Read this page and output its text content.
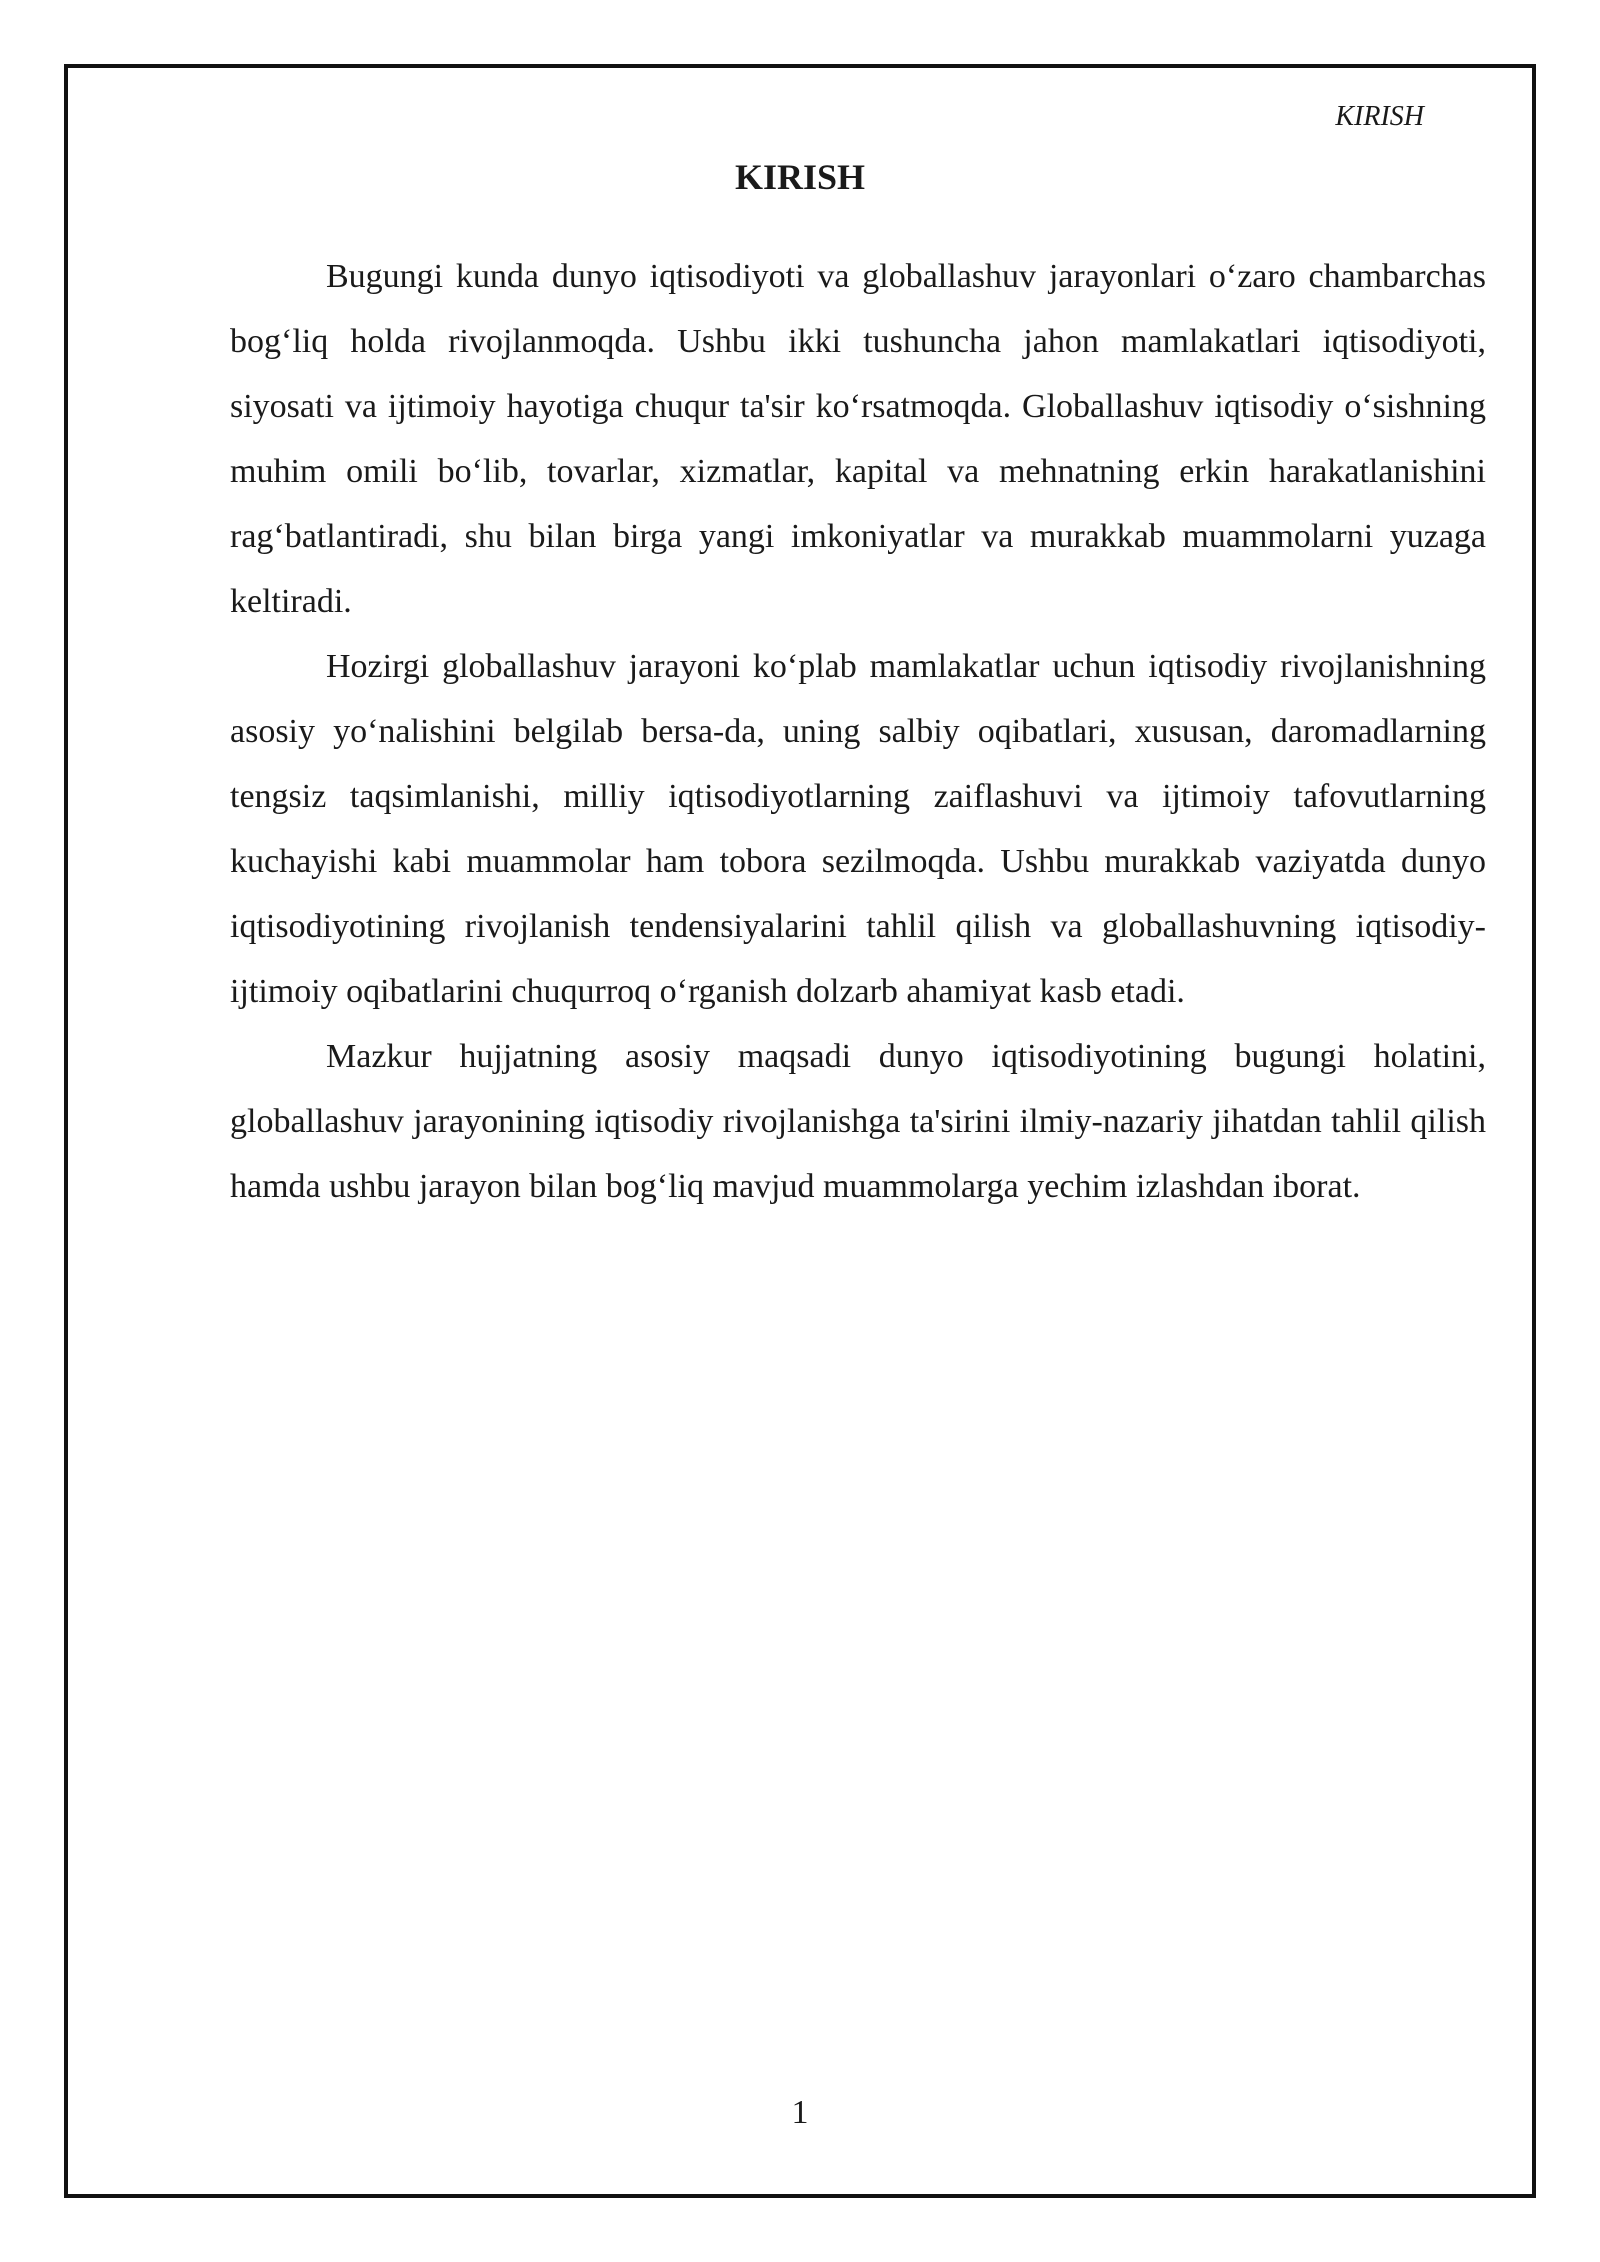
KIRISH

KIRISH

Bugungi kunda dunyo iqtisodiyoti va globallashuv jarayonlari o‘zaro chambarchas bog‘liq holda rivojlanmoqda. Ushbu ikki tushuncha jahon mamlakatlari iqtisodiyoti, siyosati va ijtimoiy hayotiga chuqur ta'sir ko‘rsatmoqda. Globallashuv iqtisodiy o‘sishning muhim omili bo‘lib, tovarlar, xizmatlar, kapital va mehnatning erkin harakatlanishini rag‘batlantiradi, shu bilan birga yangi imkoniyatlar va murakkab muammolarni yuzaga keltiradi.

Hozirgi globallashuv jarayoni ko‘plab mamlakatlar uchun iqtisodiy rivojlanishning asosiy yo‘nalishini belgilab bersa-da, uning salbiy oqibatlari, xususan, daromadlarning tengsiz taqsimlanishi, milliy iqtisodiyotlarning zaiflashuvi va ijtimoiy tafovutlarning kuchayishi kabi muammolar ham tobora sezilmoqda. Ushbu murakkab vaziyatda dunyo iqtisodiyotining rivojlanish tendensiyalarini tahlil qilish va globallashuvning iqtisodiy-ijtimoiy oqibatlarini chuqurroq o‘rganish dolzarb ahamiyat kasb etadi.

Mazkur hujjatning asosiy maqsadi dunyo iqtisodiyotining bugungi holatini, globallashuv jarayonining iqtisodiy rivojlanishga ta'sirini ilmiy-nazariy jihatdan tahlil qilish hamda ushbu jarayon bilan bog‘liq mavjud muammolarga yechim izlashdan iborat.

1
